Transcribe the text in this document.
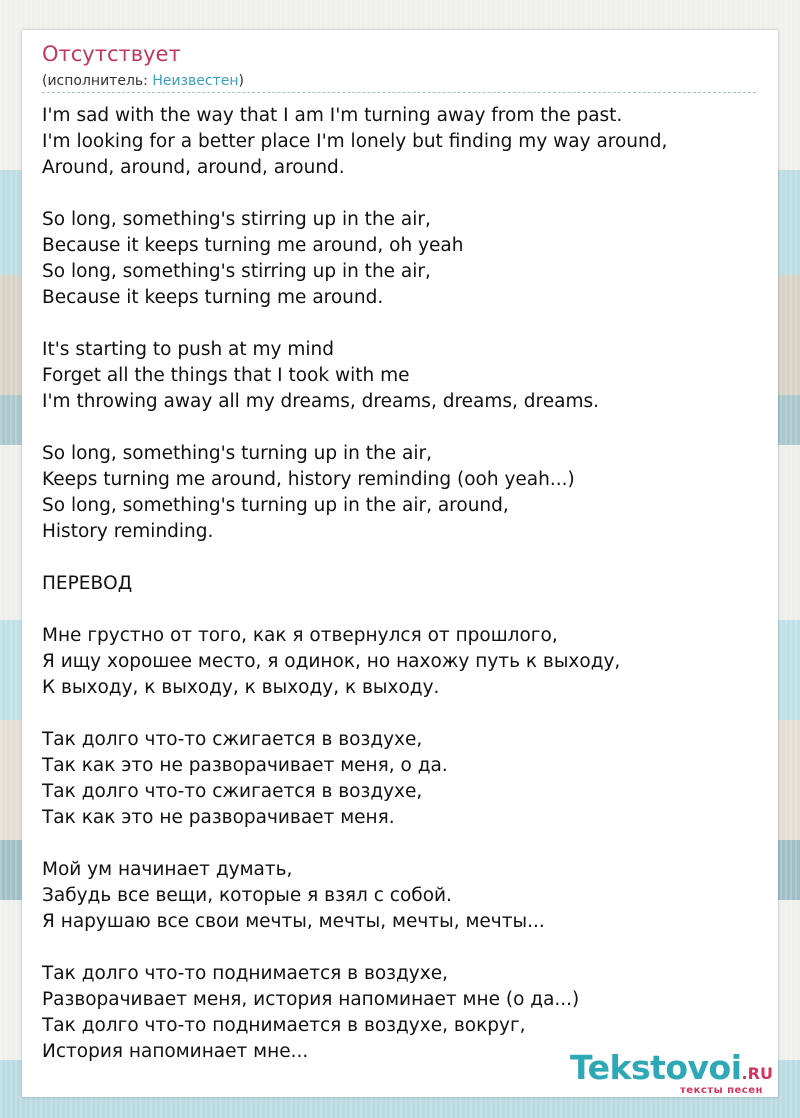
Отсутствует
(исполнитель: Неизвестен)
I'm sad with the way that I am I'm turning away from the past.
I'm looking for a better place I'm lonely but finding my way around,
Around, around, around, around.
So long, something's stirring up in the air,
Because it keeps turning me around, oh yeah
So long, something's stirring up in the air,
Because it keeps turning me around.
It's starting to push at my mind
Forget all the things that I took with me
I'm throwing away all my dreams, dreams, dreams, dreams.
So long, something's turning up in the air,
Keeps turning me around, history reminding (ooh yeah...)
So long, something's turning up in the air, around,
History reminding.
ПЕРЕВОД
Мне грустно от того, как я отвернулся от прошлого,
Я ищу хорошее место, я одинок, но нахожу путь к выходу,
К выходу, к выходу, к выходу, к выходу.
Так долго что-то сжигается в воздухе,
Так как это не разворачивает меня, о да.
Так долго что-то сжигается в воздухе,
Так как это не разворачивает меня.
Мой ум начинает думать,
Забудь все вещи, которые я взял с собой.
Я нарушаю все свои мечты, мечты, мечты, мечты...
Так долго что-то поднимается в воздухе,
Разворачивает меня, история напоминает мне (о да...)
Так долго что-то поднимается в воздухе, вокруг,
История напоминает мне...	Tekstovoi.RU
тексты песен
